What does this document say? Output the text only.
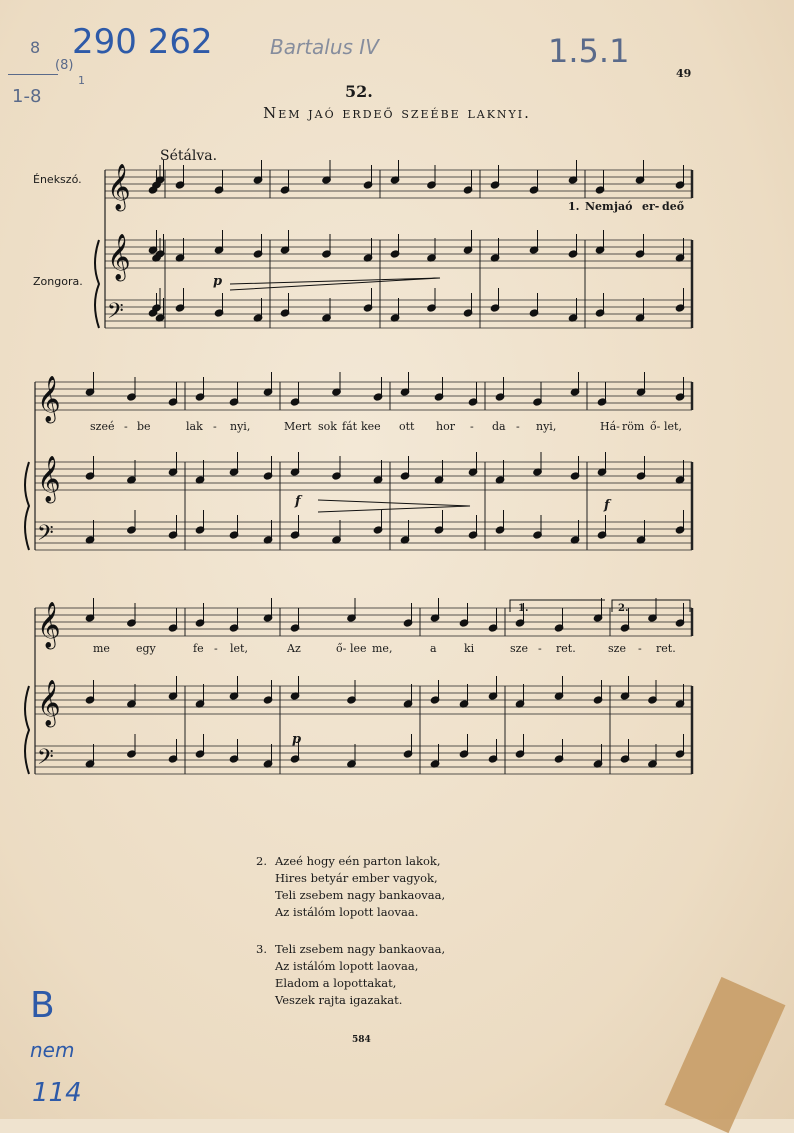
8
1-8
(8)
1
290 262	Bartalus IV	1.5.1
49
52.
Nem jaó erdeő szeébe laknyi.
Sétálva.
Énekszó.
Zongora.
𝄞
𝄞
𝄢
𝄞
𝄞
𝄢
𝄞
𝄞
𝄢
p
f	f
p
1.	2.
1. Nem jaó er- deő
szeé - be	lak - nyi,	Mert sok fát kee ott hor - da - nyi,	Há- röm ő- let,
me egy	fe - let,	Az	ő- lee me,	a ki	sze - ret.	sze - ret.
2. Azeé hogy eén parton lakok,
Hires betyár ember vagyok,
Teli zsebem nagy bankaovaa,
Az istálóm lopott laovaa.
3. Teli zsebem nagy bankaovaa,
Az istálóm lopott laovaa,
Eladom a lopottakat,
Veszek rajta igazakat.
584
B
nem
114
